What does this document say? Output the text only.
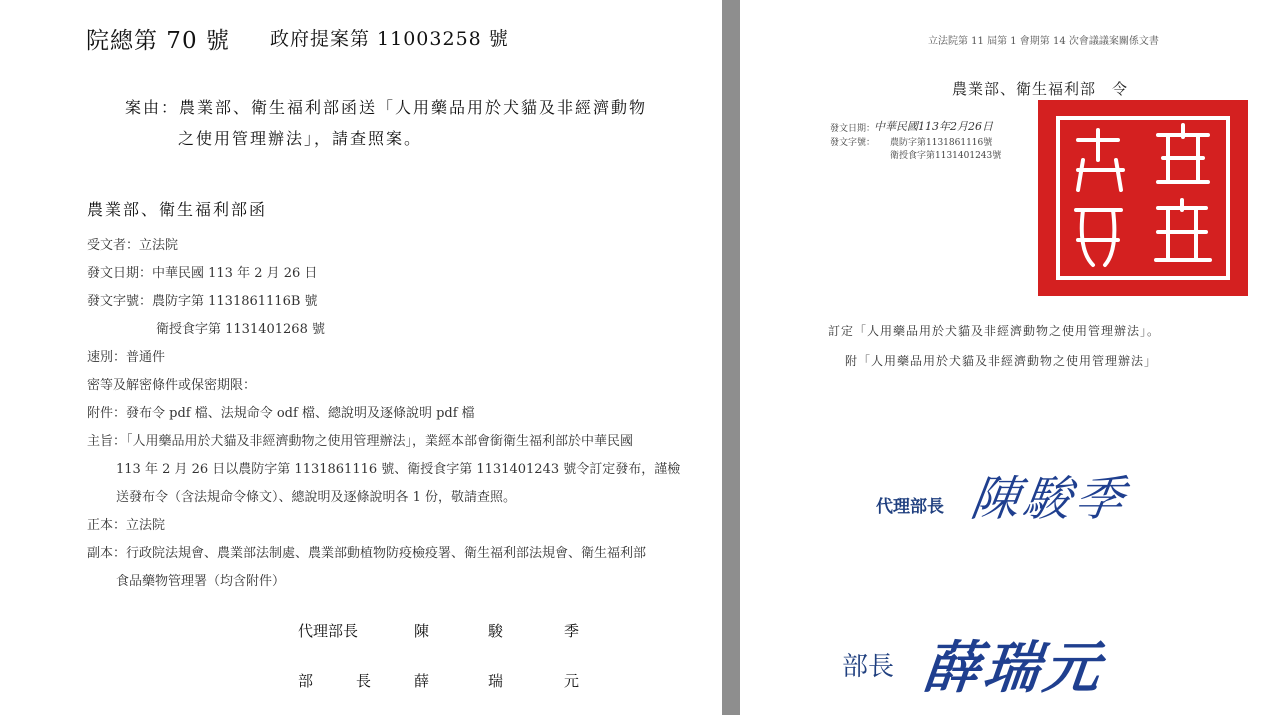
院總第 70 號 政府提案第 11003258 號
案由：農業部、衛生福利部函送「人用藥品用於犬貓及非經濟動物
之使用管理辦法」，請查照案。
農業部、衛生福利部函
受文者：立法院
發文日期：中華民國 113 年 2 月 26 日
發文字號：農防字第 1131861116B 號
衛授食字第 1131401268 號
速別：普通件
密等及解密條件或保密期限：
附件：發布令 pdf 檔、法規命令 odf 檔、總說明及逐條說明 pdf 檔
主旨：「人用藥品用於犬貓及非經濟動物之使用管理辦法」，業經本部會銜衛生福利部於中華民國
113 年 2 月 26 日以農防字第 1131861116 號、衛授食字第 1131401243 號令訂定發布，謹檢
送發布令（含法規命令條文）、總說明及逐條說明各 1 份，敬請查照。
正本：立法院
副本：行政院法規會、農業部法制處、農業部動植物防疫檢疫署、衛生福利部法規會、衛生福利部
食品藥物管理署（均含附件）
代理部長	陳	駿	季
部	長	薛	瑞	元
立法院第 11 屆第 1 會期第 14 次會議議案關係文書
農業部、衛生福利部　令
發文日期：
中華民國113年2月26日
發文字號： 農防字第1131861116號
衛授食字第1131401243號
訂定「人用藥品用於犬貓及非經濟動物之使用管理辦法」。
附「人用藥品用於犬貓及非經濟動物之使用管理辦法」
代理部長 陳駿季
部長 薛瑞元
